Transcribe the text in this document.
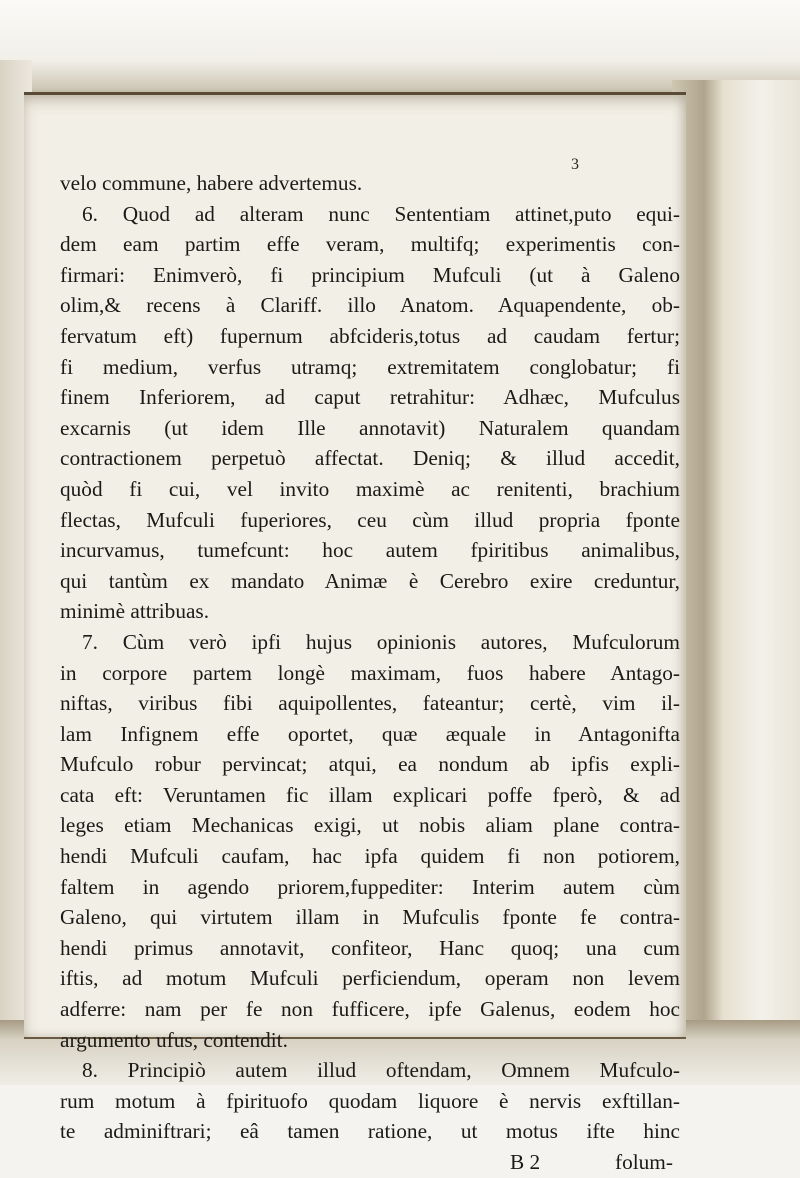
3
velo commune, habere advertemus.
6. Quod ad alteram nunc Sententiam attinet,puto equi-
dem eam partim effe veram, multifq; experimentis con-
firmari: Enimverò, fi principium Mufculi (ut à Galeno
olim,& recens à Clariff. illo Anatom. Aquapendente, ob-
fervatum eft) fupernum abfcideris,totus ad caudam fertur;
fi medium, verfus utramq; extremitatem conglobatur; fi
finem Inferiorem, ad caput retrahitur: Adhæc, Mufculus
excarnis (ut idem Ille annotavit) Naturalem quandam
contractionem perpetuò affectat. Deniq; & illud accedit,
quòd fi cui, vel invito maximè ac renitenti, brachium
flectas, Mufculi fuperiores, ceu cùm illud propria fponte
incurvamus, tumefcunt: hoc autem fpiritibus animalibus,
qui tantùm ex mandato Animæ è Cerebro exire creduntur,
minimè attribuas.
7. Cùm verò ipfi hujus opinionis autores, Mufculorum
in corpore partem longè maximam, fuos habere Antago-
niftas, viribus fibi aquipollentes, fateantur; certè, vim il-
lam Infignem effe oportet, quæ æquale in Antagonifta
Mufculo robur pervincat; atqui, ea nondum ab ipfis expli-
cata eft: Veruntamen fic illam explicari poffe fperò, & ad
leges etiam Mechanicas exigi, ut nobis aliam plane contra-
hendi Mufculi caufam, hac ipfa quidem fi non potiorem,
faltem in agendo priorem,fuppediter: Interim autem cùm
Galeno, qui virtutem illam in Mufculis fponte fe contra-
hendi primus annotavit, confiteor, Hanc quoq; una cum
iftis, ad motum Mufculi perficiendum, operam non levem
adferre: nam per fe non fufficere, ipfe Galenus, eodem hoc
argumento ufus, contendit.
8. Principiò autem illud oftendam, Omnem Mufculo-
rum motum à fpirituofo quodam liquore è nervis exftillan-
te adminiftrari; eâ tamen ratione, ut motus ifte hinc
B 2	folum-
